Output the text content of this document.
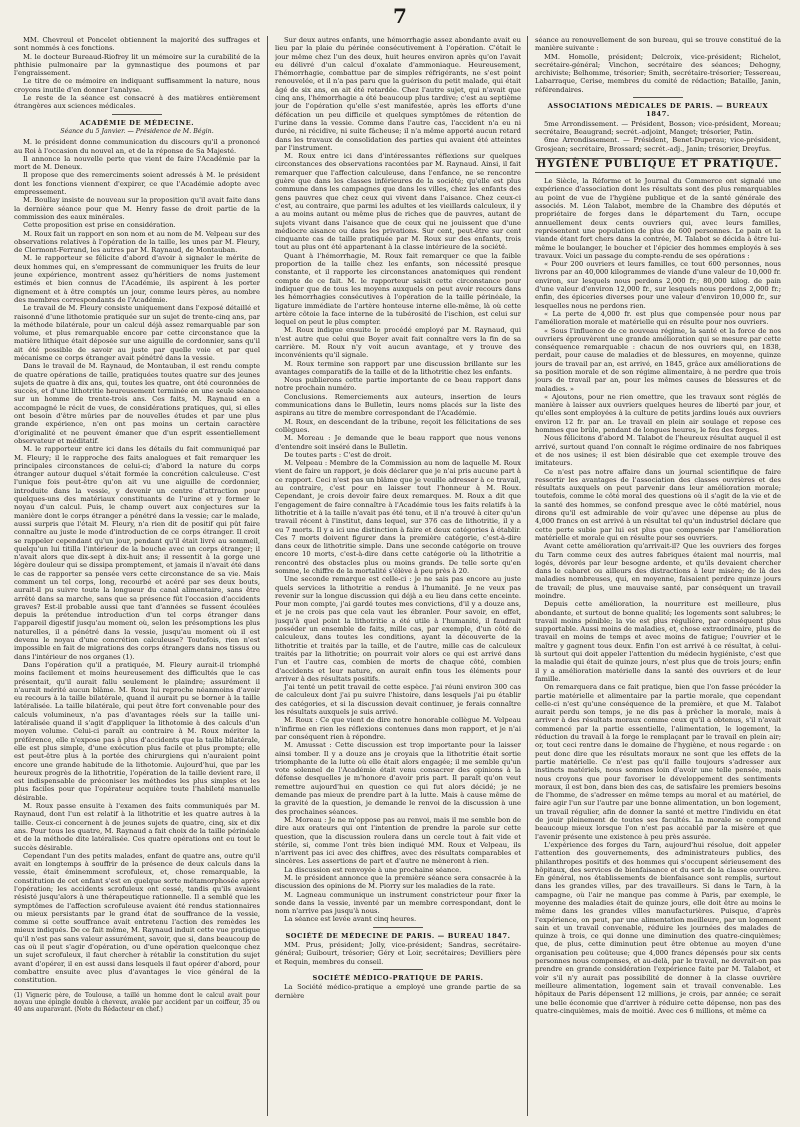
7

MM. Chevreul et Poncelet obtiennent la majorité des suffrages et sont nommés à ces fonctions.

M. le docteur Bureaud-Riofrey lit un mémoire sur la curabilité de la phthisie pulmonaire par la gymnastique des poumons et par l'engraissement.

Le titre de ce mémoire en indiquant suffisamment la nature, nous croyons inutile d'en donner l'analyse.

Le reste de la séance est consacré à des matières entièrement étrangères aux sciences médicales.

ACADÉMIE DE MÉDECINE.
Séance du 5 Janvier. — Présidence de M. Bégin.

M. le président donne communication du discours qu'il a prononcé au Roi à l'occasion du nouvel an, et de la réponse de Sa Majesté.

Il annonce la nouvelle perte que vient de faire l'Académie par la mort de M. Deneux.

Il propose que des remerciments soient adressés à M. le président dont les fonctions viennent d'expirer, ce que l'Académie adopte avec empressement.

M. Boullay insiste de nouveau sur la proposition qu'il avait faite dans la dernière séance pour que M. Henry fasse de droit partie de la commission des eaux minérales.

Cette proposition est prise en considération.

M. Roux fait un rapport en son nom et au nom de M. Velpeau sur des observations relatives à l'opération de la taille, les unes par M. Fleury, de Clermont-Ferrand, les autres par M. Raynaud, de Montauban.

M. le rapporteur se félicite d'abord d'avoir à signaler le mérite de deux hommes qui, en s'empressant de communiquer les fruits de leur jeune expérience, montrent assez qu'héritiers de noms justement estimés et bien connus de l'Académie, ils aspirent à les porter dignement et à être comptés un jour, comme leurs pères, au nombre des membres correspondants de l'Académie.

Le travail de M. Fleury consiste uniquement dans l'exposé détaillé et raisonné d'une lithotomie pratiquée sur un sujet de trente-cinq ans, par la méthode bilatérale, pour un calcul déjà assez remarquable par son volume, et plus remarquable encore par cette circonstance que la matière lithique était déposée sur une aiguille de cordonnier, sans qu'il ait été possible de savoir au juste par quelle voie et par quel mécanisme ce corps étranger avait pénétré dans la vessie.

Dans le travail de M. Raynaud, de Montauban, il est rendu compte de quatre opérations de taille, pratiquées toutes quatre sur des jeunes sujets de quatre à dix ans, qui, toutes les quatre, ont été couronnées de succès, et d'une lithotritie heureusement terminée en une seule séance sur un homme de trente-trois ans. Ces faits, M. Raynaud en a accompagné le récit de vues, de considérations pratiques, qui, si elles ont besoin d'être mûries par de nouvelles études et par une plus grande expérience, n'en ont pas moins un certain caractère d'originalité et ne peuvent émaner que d'un esprit essentiellement observateur et méditatif.

M. le rapporteur entre ici dans les détails du fait communiqué par M. Fleury; il le rapproche des faits analogues et fait remarquer les principales circonstances de celui-ci; d'abord la nature du corps étranger autour duquel s'était formée la concrétion calculeuse. C'est l'unique fois peut-être qu'on ait vu une aiguille de cordonnier, introduite dans la vessie, y devenir un centre d'attraction pour quelques-uns des matériaux constituants de l'urine et y former le noyau d'un calcul. Puis, le champ ouvert aux conjectures sur la manière dont le corps étranger a pénétré dans la vessie; car le malade, aussi surpris que l'était M. Fleury, n'a rien dit de positif qui pût faire connaître au juste le mode d'introduction de ce corps étranger. Il croit se rappeler cependant qu'un jour, pendant qu'il était livré au sommeil, quelqu'un lui titilla l'intérieur de la bouche avec un corps étranger; il n'avait alors que dix-sept à dix-huit ans; il ressentit à la gorge une légère douleur qui se dissipa promptement, et jamais il n'avait été dans le cas de rapporter sa pensée vers cette circonstance de sa vie. Mais comment un tel corps, long, recourbé et acéré par ses deux bouts, aurait-il pu suivre toute la longueur du canal alimentaire, sans être arrêté dans sa marche, sans que sa présence fût l'occasion d'accidents graves? Est-il probable aussi que tant d'années se fussent écoulées depuis la prétendue introduction d'un tel corps étranger dans l'appareil digestif jusqu'au moment où, selon les présomptions les plus naturelles, il a pénétré dans la vessie, jusqu'au moment où il est devenu le noyau d'une concrétion calculeuse? Toutefois, rien n'est impossible en fait de migrations des corps étrangers dans nos tissus ou dans l'intérieur de nos organes (1).

Dans l'opération qu'il a pratiquée, M. Fleury aurait-il triomphé moins facilement et moins heureusement des difficultés que le cas présentait, qu'il aurait fallu seulement le plaindre; assurément il n'aurait mérité aucun blâme. M. Roux lui reproche néanmoins d'avoir eu recours à la taille bilatérale, quand il aurait pu se borner à la taille latéralisée. La taille bilatérale, qui peut être fort convenable pour des calculs volumineux, n'a pas d'avantages réels sur la taille uni-latéralisée quand il s'agit d'appliquer la lithotomie à des calculs d'un moyen volume. Celui-ci paraît au contraire à M. Roux mériter la préférence, elle n'expose pas à plus d'accidents que la taille bilatérale, elle est plus simple, d'une exécution plus facile et plus prompte; elle est peut-être plus à la portée des chirurgiens qui n'auraient point encore une grande habitude de la lithotomie. Aujourd'hui, que par les heureux progrès de la lithotritie, l'opération de la taille devient rare, il est indispensable de préconiser les méthodes les plus simples et les plus faciles pour que l'opérateur acquière toute l'habileté manuelle désirable.

M. Roux passe ensuite à l'examen des faits communiqués par M. Raynaud, dont l'un est relatif à la lithotritie et les quatre autres à la taille. Ceux-ci concernent à de jeunes sujets de quatre, cinq, six et dix ans. Pour tous les quatre, M. Raynaud a fait choix de la taille périnéale et de la méthode dite latéralisée. Ces quatre opérations ont eu tout le succès désirable.

Cependant l'un des petits malades, enfant de quatre ans, outre qu'il avait en longtemps à souffrir de la présence de deux calculs dans la vessie, était éminemment scrofuleux, et, chose remarquable, la constitution de cet enfant s'est en quelque sorte métamorphosée après l'opération; les accidents scrofuleux ont cessé, tandis qu'ils avaient résisté jusqu'alors à une thérapeutique rationnelle. Il a semblé que les symptômes de l'affection scrofuleuse avaient été rendus stationnaires ou mieux persistants par le grand état de souffrance de la vessie, comme si cette souffrance avait entretenu l'action des remèdes les mieux indiqués. De ce fait même, M. Raynaud induit cette vue pratique qu'il n'est pas sans valeur assurément, savoir, que si, dans beaucoup de cas où il peut s'agir d'opération, ou d'une opération quelconque chez un sujet scrofuleux, il faut chercher à rétablir la constitution du sujet avant d'opérer, il en est aussi dans lesquels il faut opérer d'abord, pour combattre ensuite avec plus d'avantages le vice général de la constitution.

(1) Vigneric père, de Toulouse, a taillé un homme dont le calcul avait pour noyau une épingle double à cheveux, avalée par accident par un coiffeur, 35 ou 40 ans auparavant. (Note du Rédacteur en chef.)

Sur deux autres enfants, une hémorrhagie assez abondante avait eu lieu par la plaie du périnée consécutivement à l'opération. C'était le jour même chez l'un des deux, huit heures environ après qu'on l'avait eu délivré d'un calcul d'oxalate d'ammoniaque. Heureusement, l'hémorrhagie, combattue par de simples réfrigérants, ne s'est point renouvelée, et il n'a pas paru que la guérison du petit malade, qui était âgé de six ans, en ait été retardée. Chez l'autre sujet, qui n'avait que cinq ans, l'hémorrhagie a été beaucoup plus tardive; c'est au septième jour de l'opération qu'elle s'est manifestée, après les efforts d'une défécation un peu difficile et quelques symptômes de rétention de l'urine dans la vessie. Comme dans l'autre cas, l'accident n'a eu ni durée, ni récidive, ni suite fâcheuse; il n'a même apporté aucun retard dans les travaux de consolidation des parties qui avaient été atteintes par l'instrument.

M. Roux entre ici dans d'intéressantes réflexions sur quelques circonstances des observations racontées par M. Raynaud. Ainsi, il fait remarquer que l'affection calculeuse, dans l'enfance, ne se rencontre guère que dans les classes inférieures de la société; qu'elle est plus commune dans les campagnes que dans les villes, chez les enfants des gens pauvres que chez ceux qui vivent dans l'aisance. Chez ceux-ci c'est, au contraire, que parmi les adultes et les vieillards calculeux, il y a au moins autant ou même plus de riches que de pauvres, autant de sujets vivant dans l'aisance que de ceux qui ne jouissent que d'une médiocre aisance ou dans les privations. Sur cent, peut-être sur cent cinquante cas de taille pratiquée par M. Roux sur des enfants, trois tout au plus ont été appartenant à la classe intérieure de la société.

Quant à l'hémorrhagie, M. Roux fait remarquer ce que la faible proportion de la taille chez les enfants, son nécessité presque constante, et il rapporte les circonstances anatomiques qui rendent compte de ce fait. M. le rapporteur saisit cette circonstance pour indiquer que de tous les moyens auxquels on peut avoir recours dans les hémorrhagies consécutives à l'opération de la taille périnéale, la ligature immédiate de l'artère honteuse interne elle-même, là où cette artère côtoie la face interne de la tubérosité de l'ischion, est celui sur lequel on peut le plus compter.

M. Roux indique ensuite le procédé employé par M. Raynaud, qui n'est autre que celui que Boyer avait fait connaître vers la fin de sa carrière. M. Roux n'y voit aucun avantage, et y trouve des inconvénients qu'il signale.

M. Roux termine son rapport par une discussion brillante sur les avantages comparatifs de la taille et de la lithotritie chez les enfants.

Nous publierons cette partie importante de ce beau rapport dans notre prochain numéro.

Conclusions. Remerciements aux auteurs, insertion de leurs communications dans le Bulletin, leurs noms placés sur la liste des aspirans au titre de membre correspondant de l'Académie.

M. Roux, en descendant de la tribune, reçoit les félicitations de ses collègues.

M. Moreau : Je demande que le beau rapport que nous venons d'entendre soit inséré dans le Bulletin.

De toutes parts : C'est de droit.

M. Velpeau : Membre de la Commission au nom de laquelle M. Roux vient de faire un rapport, je dois déclarer que je n'ai pris aucune part à ce rapport. Ceci n'est pas un blâme que je veuille adresser à ce travail, au contraire, c'est pour en laisser tout l'honneur à M. Roux. Cependant, je crois devoir faire deux remarques. M. Roux a dit que l'engagement de faire connaître à l'Académie tous les faits relatifs à la lithotritie et à la taille n'avait pas été tenu, et il n'a trouvé à citer qu'un travail récent à l'institut, dans lequel, sur 376 cas de lithotritie, il y a eu 7 morts. Il y a ici une distinction à faire et deux catégories à établir. Ces 7 morts doivent figurer dans la première catégorie, c'est-à-dire dans ceux de lithotritie simple. Dans une seconde catégorie on trouve encore 10 morts, c'est-à-dire dans cette catégorie où la lithotritie a rencontré des obstacles plus ou moins grands. De telle sorte qu'en somme, le chiffre de la mortalité s'élève à peu près à 20.

Une seconde remarque est celle-ci : je ne sais pas encore au juste quels services la lithotritie a rendus à l'humanité. Je ne veux pas revenir sur la longue discussion qui déjà a eu lieu dans cette enceinte. Pour mon compte, j'ai gardé toutes mes convictions, d'il y a douze ans, et je ne crois pas que cela vaut les ébranler. Pour savoir, en effet, jusqu'à quel point la lithotritie a été utile à l'humanité, il faudrait posséder un ensemble de faits, mille cas, par exemple, d'un côté de calculeux, dans toutes les conditions, ayant la découverte de la lithotritie et traités par la taille, et de l'autre, mille cas de calculeux traités par la lithotritie; on pourrait voir alors ce qui est arrivé dans l'un et l'autre cas, combien de morts de chaque côté, combien d'accidents et leur nature, on aurait enfin tous les éléments pour arriver à des résultats positifs.

J'ai tenté un petit travail de cette espèce. J'ai réuni environ 300 cas de calculeux dont j'ai pu suivre l'histoire, dans lesquels j'ai pu établir des catégories, et si la discussion devait continuer, je ferais connaître les résultats auxquels je suis arrivé.

M. Roux : Ce que vient de dire notre honorable collègue M. Velpeau n'infirme en rien les réflexions contenues dans mon rapport, et je n'ai par conséquent rien à répondre.

M. Amussat : Cette discussion est trop importante pour la laisser ainsi tomber. Il y a douze ans je croyais que la lithotritie était sortie triomphante de la lutte où elle était alors engagée; il me semble qu'un vote solennel de l'Académie était venu consacrer des opinions à la défense desquelles je m'honore d'avoir pris part. Il paraît qu'on veut remettre aujourd'hui en question ce qui fut alors décidé; je ne demande pas mieux de prendre part à la lutte. Mais à cause même de la gravité de la question, je demande le renvoi de la discussion à une des prochaines séances.

M. Moreau : Je ne m'oppose pas au renvoi, mais il me semble bon de dire aux orateurs qui ont l'intention de prendre la parole sur cette question, que la discussion roulera dans un cercle tout à fait vide et stérile, si, comme l'ont très bien indiqué MM. Roux et Velpeau, ils n'arrivent pas ici avec des chiffres, avec des résultats comparables et sincères. Les assertions de part et d'autre ne mèneront à rien.

La discussion est renvoyée à une prochaine séance.

M. le président annonce que la première séance sera consacrée à la discussion des opinions de M. Piorry sur les maladies de la rate.

M. Lagneau communique un instrument constricteur pour fixer la sonde dans la vessie, inventé par un membre correspondant, dont le nom n'arrive pas jusqu'à nous.

La séance est levée avant cinq heures.

SOCIÉTÉ DE MÉDECINE DE PARIS. — BUREAU 1847.

MM. Prus, président; Jolly, vice-président; Sandras, secrétaire-général; Guibourt, trésorier; Géry et Loir, secrétaires; Devilliers père et Requin, membres du conseil.

SOCIÉTÉ MÉDICO-PRATIQUE DE PARIS.

La Société médico-pratique a employé une grande partie de sa dernière

séance au renouvellement de son bureau, qui se trouve constitué de la manière suivante :

MM. Homolle, président; Delcroix, vice-président; Richelot, secrétaire-général; Vinchon, secrétaire des séances; Dehogny, archiviste; Belhomme, trésorier; Smith, secrétaire-trésorier; Tessereau, Labarraque, Cerise, membres du comité de rédaction; Bataille, Janin, référendaires.

ASSOCIATIONS MÉDICALES DE PARIS. — BUREAUX 1847.

5me Arrondissement. — Président, Bosson; vice-président, Moreau; secrétaire, Beaugrand; secrét.-adjoint, Manget; trésorier, Patin.

6me Arrondissement. — Président, Benet-Duperau; vice-président, Grosjean; secrétaire, Brossard; secrét.-adj., Janin; trésorier, Dreyfus.

HYGIÈNE PUBLIQUE ET PRATIQUE.

Le Siècle, la Réforme et le Journal du Commerce ont signalé une expérience d'association dont les résultats sont des plus remarquables au point de vue de l'hygiène publique et de la santé générale des associés. M. Léon Talabot, membre de la Chambre des députés et propriétaire de forges dans le département du Tarn, occupe annuellement deux cents ouvriers qui, avec leurs familles, représentent une population de plus de 600 personnes. Le pain et la viande étant fort chers dans la contrée, M. Talabot se décida à être lui-même le boulanger, le boucher et l'épicier des hommes employés à ses travaux. Voici un passage du compte-rendu de ses opérations :

« Pour 200 ouvriers et leurs familles, ce tout 600 personnes, nous livrons par an 40,000 kilogrammes de viande d'une valeur de 10,000 fr. environ, sur lesquels nous perdons 2,000 fr.; 80,000 kilog. de pain d'une valeur d'environ 12,000 fr., sur lesquels nous perdons 2,000 fr.; enfin, des épiceries diverses pour une valeur d'environ 10,000 fr., sur lesquelles nous ne perdons rien.

« La perte de 4,000 fr. est plus que compensée pour nous par l'amélioration morale et matérielle qui en résulte pour nos ouvriers.

« Sous l'influence de ce nouveau régime, la santé et la force de nos ouvriers éprouvèrent une grande amélioration qui se mesure par cette conséquence remarquable : chacun de nos ouvriers qui, en 1838, perdait, pour cause de maladies et de blessures, en moyenne, quinze jours de travail par an, est arrivé, en 1845, grâce aux améliorations de sa position morale et de son régime alimentaire, à ne perdre que trois jours de travail par an, pour les mêmes causes de blessures et de maladies. »

« Ajoutons, pour ne rien omettre, que les travaux sont réglés de manière à laisser aux ouvriers quelques heures de liberté par jour, et qu'elles sont employées à la culture de petits jardins loués aux ouvriers environ 12 fr. par an. Le travail en plein air soulage et repose ces hommes que brûle, pendant de longues heures, le feu des forges.

Nous félicitons d'abord M. Talabot de l'heureux résultat auquel il est arrivé, surtout quand l'on connaît le régime ordinaire de nos fabriques et de nos usines; il est bien désirable que cet exemple trouve des imitateurs.

Ce n'est pas notre affaire dans un journal scientifique de faire ressortir les avantages de l'association des classes ouvrières et des résultats auxquels on peut parvenir dans leur amélioration morale; toutefois, comme le côté moral des questions où il s'agit de la vie et de la santé des hommes, se confond presque avec le côté matériel, nous dirons qu'il est admirable de voir qu'avec une dépense au plus de 4,000 francs on est arrivé à un résultat tel qu'un industriel déclare que cette perte subie par lui est plus que compensée par l'amélioration matérielle et morale qui en résulte pour ses ouvriers.

Avant cette amélioration qu'arrivait-il? Que les ouvriers des forges du Tarn comme ceux des autres fabriques étaient mal nourris, mal logés, dévorés par leur besogne ardente, et qu'ils devaient chercher dans le cabaret ou ailleurs des distractions à leur misère; de là des maladies nombreuses, qui, en moyenne, faisaient perdre quinze jours de travail; de plus, une mauvaise santé, par conséquent un travail moindre.

Depuis cette amélioration, la nourriture est meilleure, plus abondante, et surtout de bonne qualité; les logements sont salubres; le travail moins pénible; la vie est plus régulière, par conséquent plus supportable. Aussi moins de maladies, et, chose extraordinaire, plus de travail en moins de temps et avec moins de fatigue; l'ouvrier et le maître y gagnent tous deux. Enfin l'on est arrivé à ce résultat, à celui-là surtout qui doit appeler l'attention du médecin hygiéniste, c'est que la maladie qui était de quinze jours, n'est plus que de trois jours; enfin il y a amélioration matérielle dans la santé des ouvriers et de leur famille.

On remarquera dans ce fait pratique, bien que l'on fasse précéder la partie matérielle et alimentaire par la partie morale, que cependant celle-ci n'est qu'une conséquence de la première, et que M. Talabot aurait perdu son temps, je ne dis pas à prêcher la morale, mais à arriver à des résultats moraux comme ceux qu'il a obtenus, s'il n'avait commencé par la partie essentielle, l'alimentation, le logement, la réduction du travail à la forge le remplaçant par le travail en plein air; or, tout ceci rentre dans le domaine de l'hygiène, et nous regarde : on peut donc dire que les résultats moraux ne sont que les effets de la partie matérielle. Ce n'est pas qu'il faille toujours s'adresser aux instincts matériels, nous sommes loin d'avoir une telle pensée, mais nous croyons que pour favoriser le développement des sentiments moraux, il est bon, dans bien des cas, de satisfaire les premiers besoins de l'homme, de s'adresser en même temps au moral et au matériel, de faire agir l'un sur l'autre par une bonne alimentation, un bon logement, un travail régulier, afin de donner la santé et mettre l'individu en état de jouir pleinement de toutes ses facultés. La morale se comprend beaucoup mieux lorsque l'on n'est pas accablé par la misère et que l'avenir présente une existence à peu près assurée.

L'expérience des forges du Tarn, aujourd'hui résolue, doit appeler l'attention des gouvernements, des administrateurs publics, des philanthropes positifs et des hommes qui s'occupent sérieusement des hôpitaux, des services de bienfaisance et du sort de la classe ouvrière. En général, nos établissements de bienfaisance sont remplis, surtout dans les grandes villes, par des travailleurs. Si dans le Tarn, à la campagne, où l'air ne manque pas comme à Paris, par exemple, le moyenne des maladies était de quinze jours, elle doit être au moins le même dans les grandes villes manufacturières. Puisque, d'après l'expérience, on peut, par une alimentation meilleure, par un logement sain et un travail convenable, réduire les journées des malades de quinze à trois, ce qui donne une diminution des quatre-cinquièmes; que, de plus, cette diminution peut être obtenue au moyen d'une organisation peu coûteuse; que 4,000 francs dépensés pour six cents personnes nous compenses, et au-delà, par le travail, ne devrait-on pas prendre en grande considération l'expérience faite par M. Talabot, et voir s'il n'y aurait pas possibilité de donner à la classe ouvrière meilleure alimentation, logement sain et travail convenable. Les hôpitaux de Paris dépensent 12 millions, je crois, par année; ce serait une belle économie que d'arriver à réduire cette dépense, non pas des quatre-cinquièmes, mais de moitié. Avec ces 6 millions, et même ca
